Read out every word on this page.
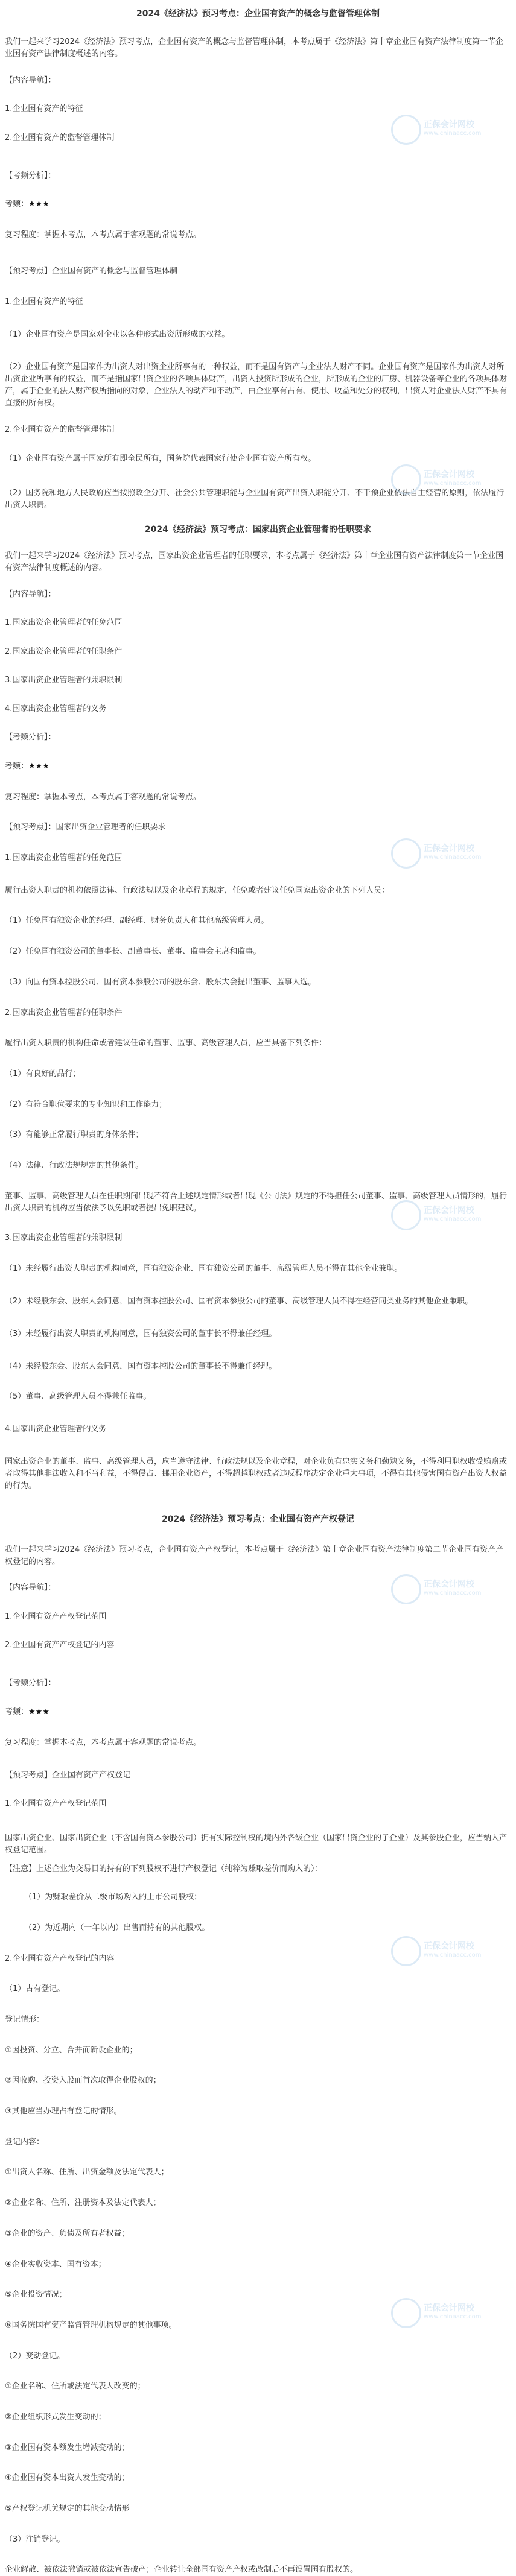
2024《经济法》预习考点：企业国有资产的概念与监督管理体制

我们一起来学习2024《经济法》预习考点，企业国有资产的概念与监督管理体制，本考点属于《经济法》第十章企业国有资产法律制度第一节企业国有资产法律制度概述的内容。

【内容导航】：

1.企业国有资产的特征

2.企业国有资产的监督管理体制

【考频分析】：

考频：★★★

复习程度：掌握本考点，本考点属于客观题的常说考点。

【预习考点】企业国有资产的概念与监督管理体制

1.企业国有资产的特征

（1）企业国有资产是国家对企业以各种形式出资所形成的权益。

（2）企业国有资产是国家作为出资人对出资企业所享有的一种权益，而不是国有资产与企业法人财产不同。企业国有资产是国家作为出资人对所出资企业所享有的权益，而不是指国家出资企业的各项具体财产，出资人投资所形成的企业，所形成的企业的厂房、机器设备等企业的各项具体财产，属于企业的法人财产权所指向的对象，企业法人的动产和不动产，由企业享有占有、使用、收益和处分的权利，出资人对企业法人财产不具有直接的所有权。

2.企业国有资产的监督管理体制

（1）企业国有资产属于国家所有即全民所有，国务院代表国家行使企业国有资产所有权。

（2）国务院和地方人民政府应当按照政企分开、社会公共管理职能与企业国有资产出资人职能分开、不干预企业依法自主经营的原则，依法履行出资人职责。

2024《经济法》预习考点：国家出资企业管理者的任职要求

我们一起来学习2024《经济法》预习考点，国家出资企业管理者的任职要求，本考点属于《经济法》第十章企业国有资产法律制度第一节企业国有资产法律制度概述的内容。

【内容导航】：

1.国家出资企业管理者的任免范围

2.国家出资企业管理者的任职条件

3.国家出资企业管理者的兼职限制

4.国家出资企业管理者的义务

【考频分析】：

考频：★★★

复习程度：掌握本考点，本考点属于客观题的常说考点。

【预习考点】：国家出资企业管理者的任职要求

1.国家出资企业管理者的任免范围

履行出资人职责的机构依照法律、行政法规以及企业章程的规定，任免或者建议任免国家出资企业的下列人员：

（1）任免国有独资企业的经理、副经理、财务负责人和其他高级管理人员。

（2）任免国有独资公司的董事长、副董事长、董事、监事会主席和监事。

（3）向国有资本控股公司、国有资本参股公司的股东会、股东大会提出董事、监事人选。

2.国家出资企业管理者的任职条件

履行出资人职责的机构任命或者建议任命的董事、监事、高级管理人员，应当具备下列条件：

（1）有良好的品行；

（2）有符合职位要求的专业知识和工作能力；

（3）有能够正常履行职责的身体条件；

（4）法律、行政法规规定的其他条件。

董事、监事、高级管理人员在任职期间出现不符合上述规定情形或者出现《公司法》规定的不得担任公司董事、监事、高级管理人员情形的，履行出资人职责的机构应当依法予以免职或者提出免职建议。

3.国家出资企业管理者的兼职限制

（1）未经履行出资人职责的机构同意，国有独资企业、国有独资公司的董事、高级管理人员不得在其他企业兼职。

（2）未经股东会、股东大会同意，国有资本控股公司、国有资本参股公司的董事、高级管理人员不得在经营同类业务的其他企业兼职。

（3）未经履行出资人职责的机构同意，国有独资公司的董事长不得兼任经理。

（4）未经股东会、股东大会同意，国有资本控股公司的董事长不得兼任经理。

（5）董事、高级管理人员不得兼任监事。

4.国家出资企业管理者的义务

国家出资企业的董事、监事、高级管理人员，应当遵守法律、行政法规以及企业章程，对企业负有忠实义务和勤勉义务，不得利用职权收受贿赂或者取得其他非法收入和不当利益，不得侵占、挪用企业资产，不得超越职权或者违反程序决定企业重大事项，不得有其他侵害国有资产出资人权益的行为。

2024《经济法》预习考点：企业国有资产产权登记

我们一起来学习2024《经济法》预习考点，企业国有资产产权登记，本考点属于《经济法》第十章企业国有资产法律制度第二节企业国有资产产权登记的内容。

【内容导航】：

1.企业国有资产产权登记范围

2.企业国有资产产权登记的内容

【考频分析】：

考频：★★★

复习程度：掌握本考点，本考点属于客观题的常说考点。

【预习考点】企业国有资产产权登记

1.企业国有资产产权登记范围

国家出资企业、国家出资企业（不含国有资本参股公司）拥有实际控制权的境内外各级企业（国家出资企业的子企业）及其参股企业，应当纳入产权登记范围。

【注意】上述企业为交易目的持有的下列股权不进行产权登记（纯粹为赚取差价而购入的）：

（1）为赚取差价从二级市场购入的上市公司股权；

（2）为近期内（一年以内）出售而持有的其他股权。

2.企业国有资产产权登记的内容

（1）占有登记。

登记情形：

①因投资、分立、合并而新设企业的；

②因收购、投资入股而首次取得企业股权的；

③其他应当办理占有登记的情形。

登记内容：

①出资人名称、住所、出资金额及法定代表人；

②企业名称、住所、注册资本及法定代表人；

③企业的资产、负债及所有者权益；

④企业实收资本、国有资本；

⑤企业投资情况；

⑥国务院国有资产监督管理机构规定的其他事项。

（2）变动登记。

①企业名称、住所或法定代表人改变的；

②企业组织形式发生变动的；

③企业国有资本额发生增减变动的；

④企业国有资本出资人发生变动的；

⑤产权登记机关规定的其他变动情形

（3）注销登记。

企业解散、被依法撤销或被依法宣告破产；企业转让全部国有资产产权或改制后不再设置国有股权的。

正保会计网校
www.chinaacc.com
正保会计网校
www.chinaacc.com
正保会计网校
www.chinaacc.com
正保会计网校
www.chinaacc.com
正保会计网校
www.chinaacc.com
正保会计网校
www.chinaacc.com
正保会计网校
www.chinaacc.com
